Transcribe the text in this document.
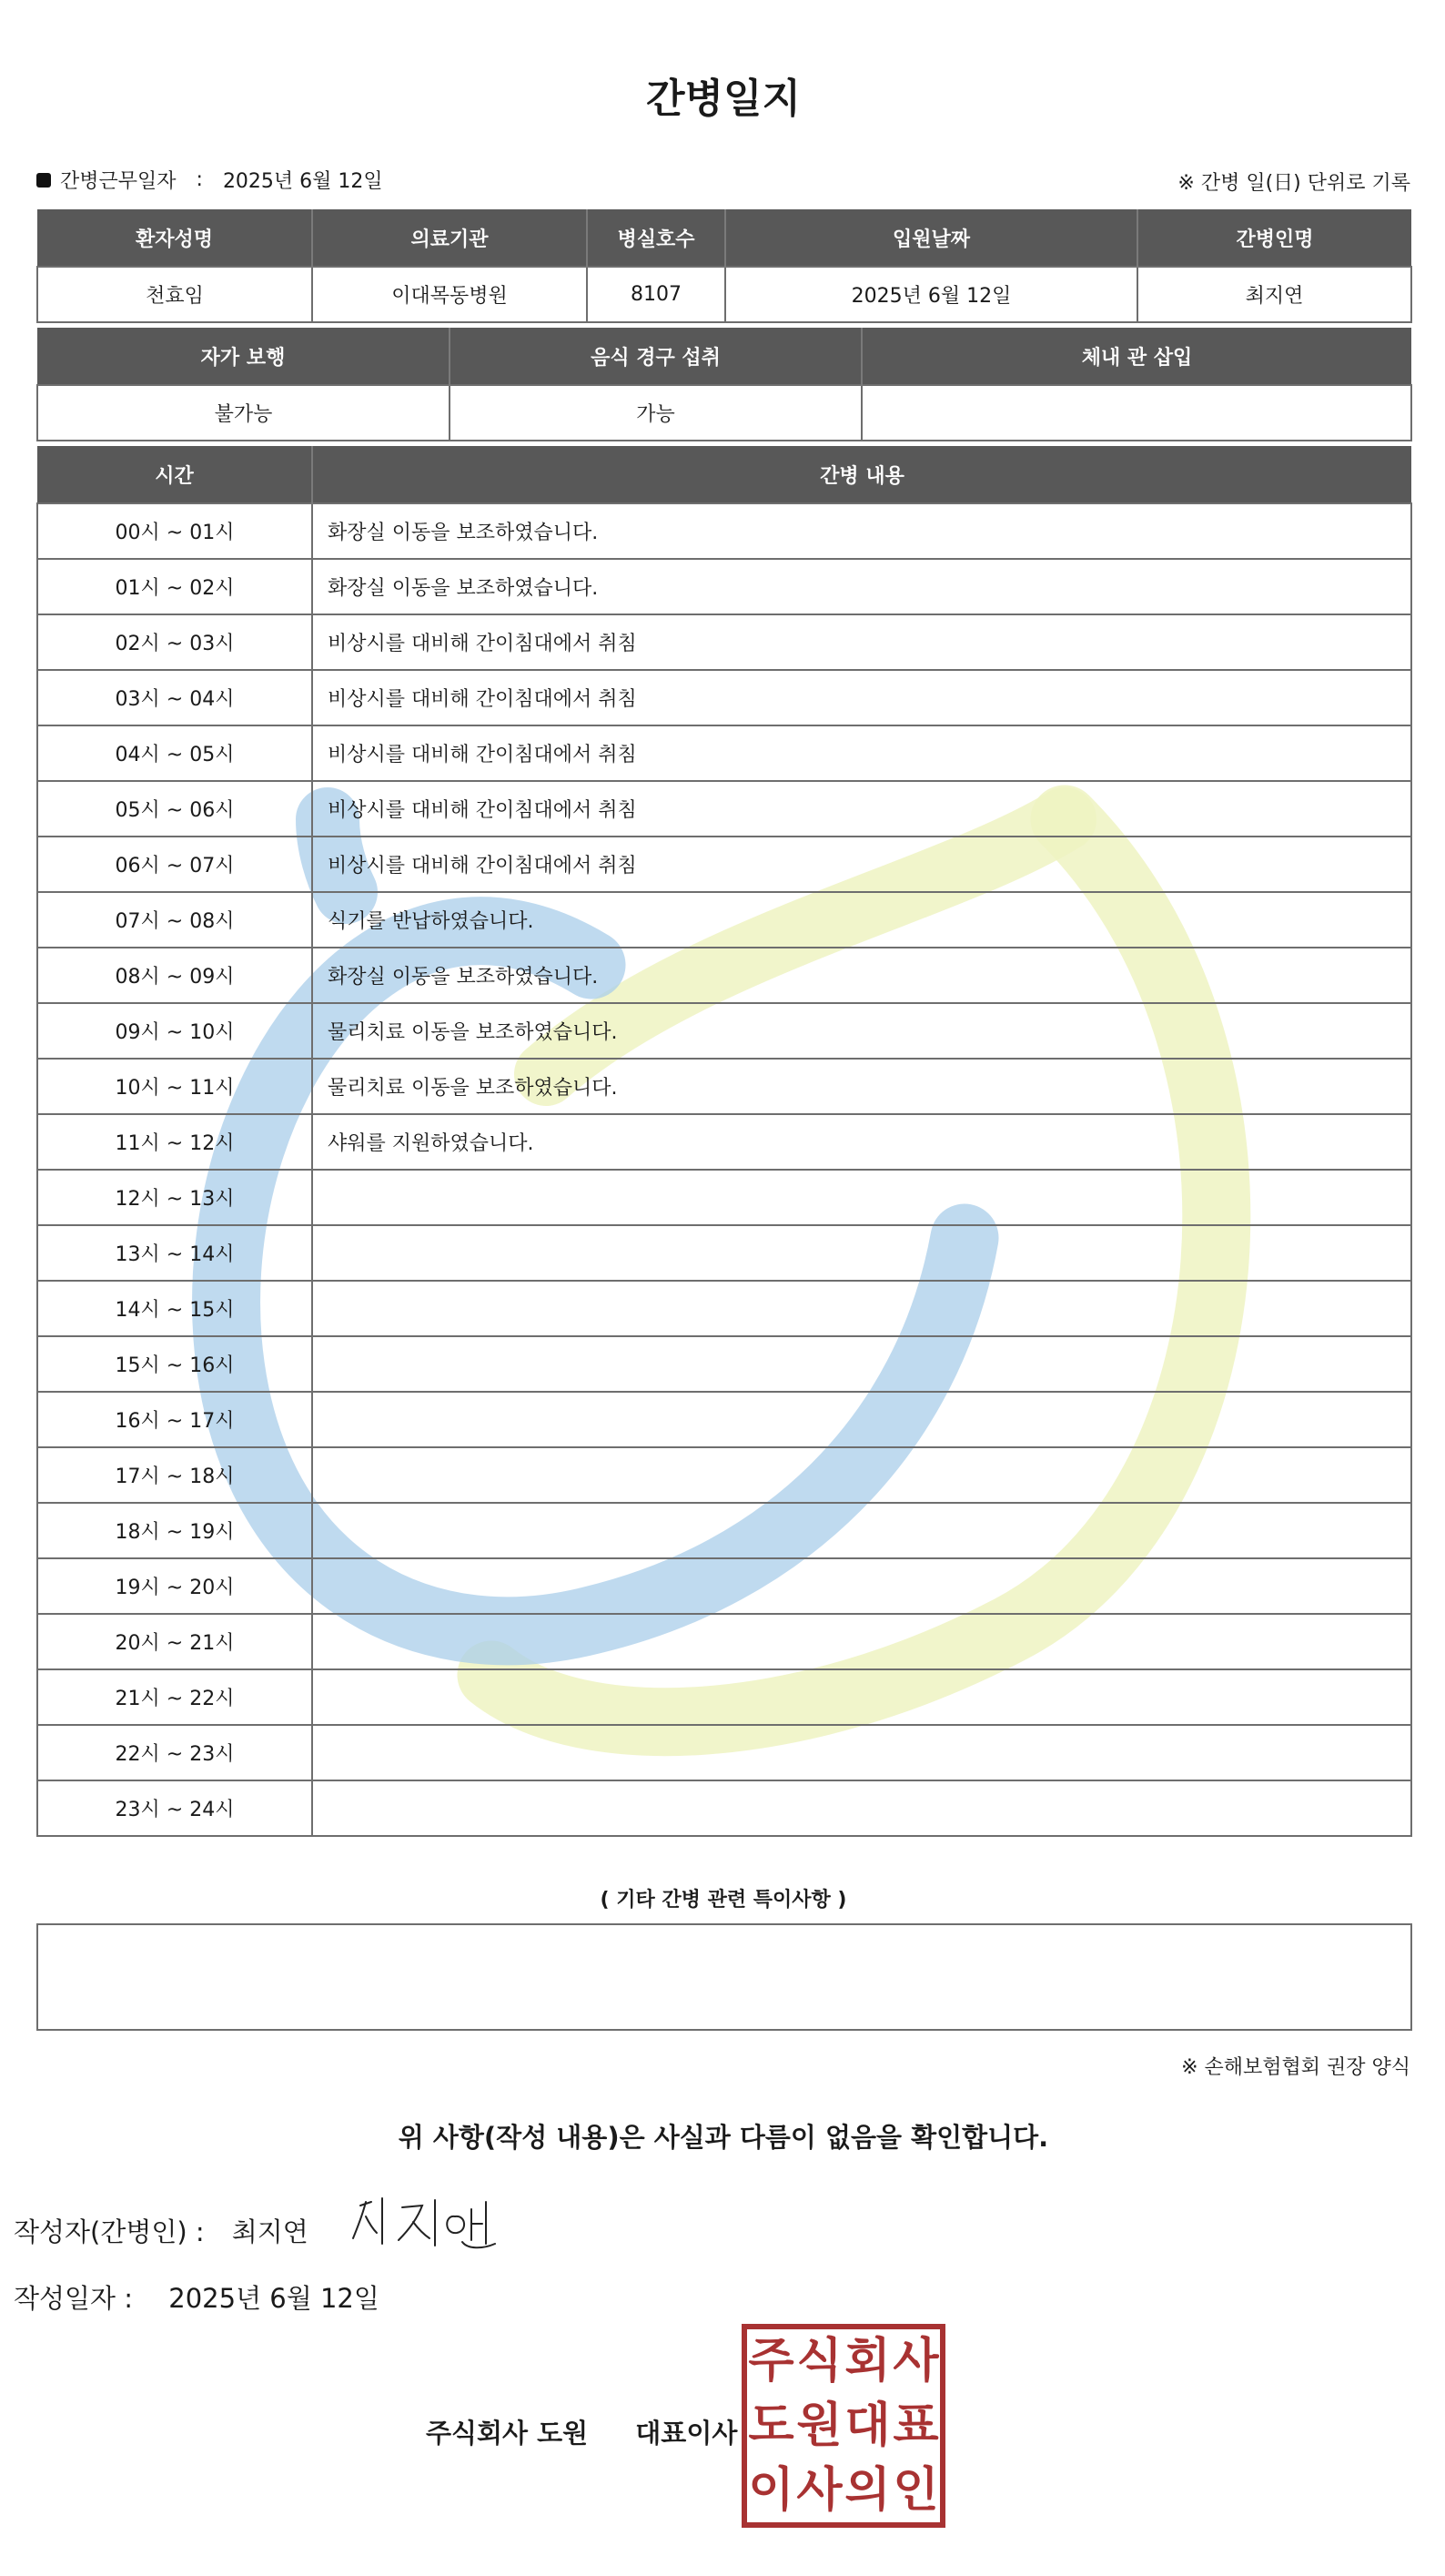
간병일지
간병근무일자 : 2025년 6월 12일	※ 간병 일(日) 단위로 기록
환자성명	의료기관	병실호수	입원날짜	간병인명
천효임	이대목동병원	8107	2025년 6월 12일	최지연
자가 보행	음식 경구 섭취	체내 관 삽입
불가능	가능	
시간	간병 내용
00시 ~ 01시	화장실 이동을 보조하였습니다.
01시 ~ 02시	화장실 이동을 보조하였습니다.
02시 ~ 03시	비상시를 대비해 간이침대에서 취침
03시 ~ 04시	비상시를 대비해 간이침대에서 취침
04시 ~ 05시	비상시를 대비해 간이침대에서 취침
05시 ~ 06시	비상시를 대비해 간이침대에서 취침
06시 ~ 07시	비상시를 대비해 간이침대에서 취침
07시 ~ 08시	식기를 반납하였습니다.
08시 ~ 09시	화장실 이동을 보조하였습니다.
09시 ~ 10시	물리치료 이동을 보조하였습니다.
10시 ~ 11시	물리치료 이동을 보조하였습니다.
11시 ~ 12시	샤워를 지원하였습니다.
12시 ~ 13시	
13시 ~ 14시	
14시 ~ 15시	
15시 ~ 16시	
16시 ~ 17시	
17시 ~ 18시	
18시 ~ 19시	
19시 ~ 20시	
20시 ~ 21시	
21시 ~ 22시	
22시 ~ 23시	
23시 ~ 24시	
( 기타 간병 관련 특이사항 )
※ 손해보험협회 권장 양식
위 사항(작성 내용)은 사실과 다름이 없음을 확인합니다.
작성자(간병인) : 최지연
작성일자 : 2025년 6월 12일
주식회사 도원 대표이사
주 식 회 사
도 원 대 표
이 사 의 인
